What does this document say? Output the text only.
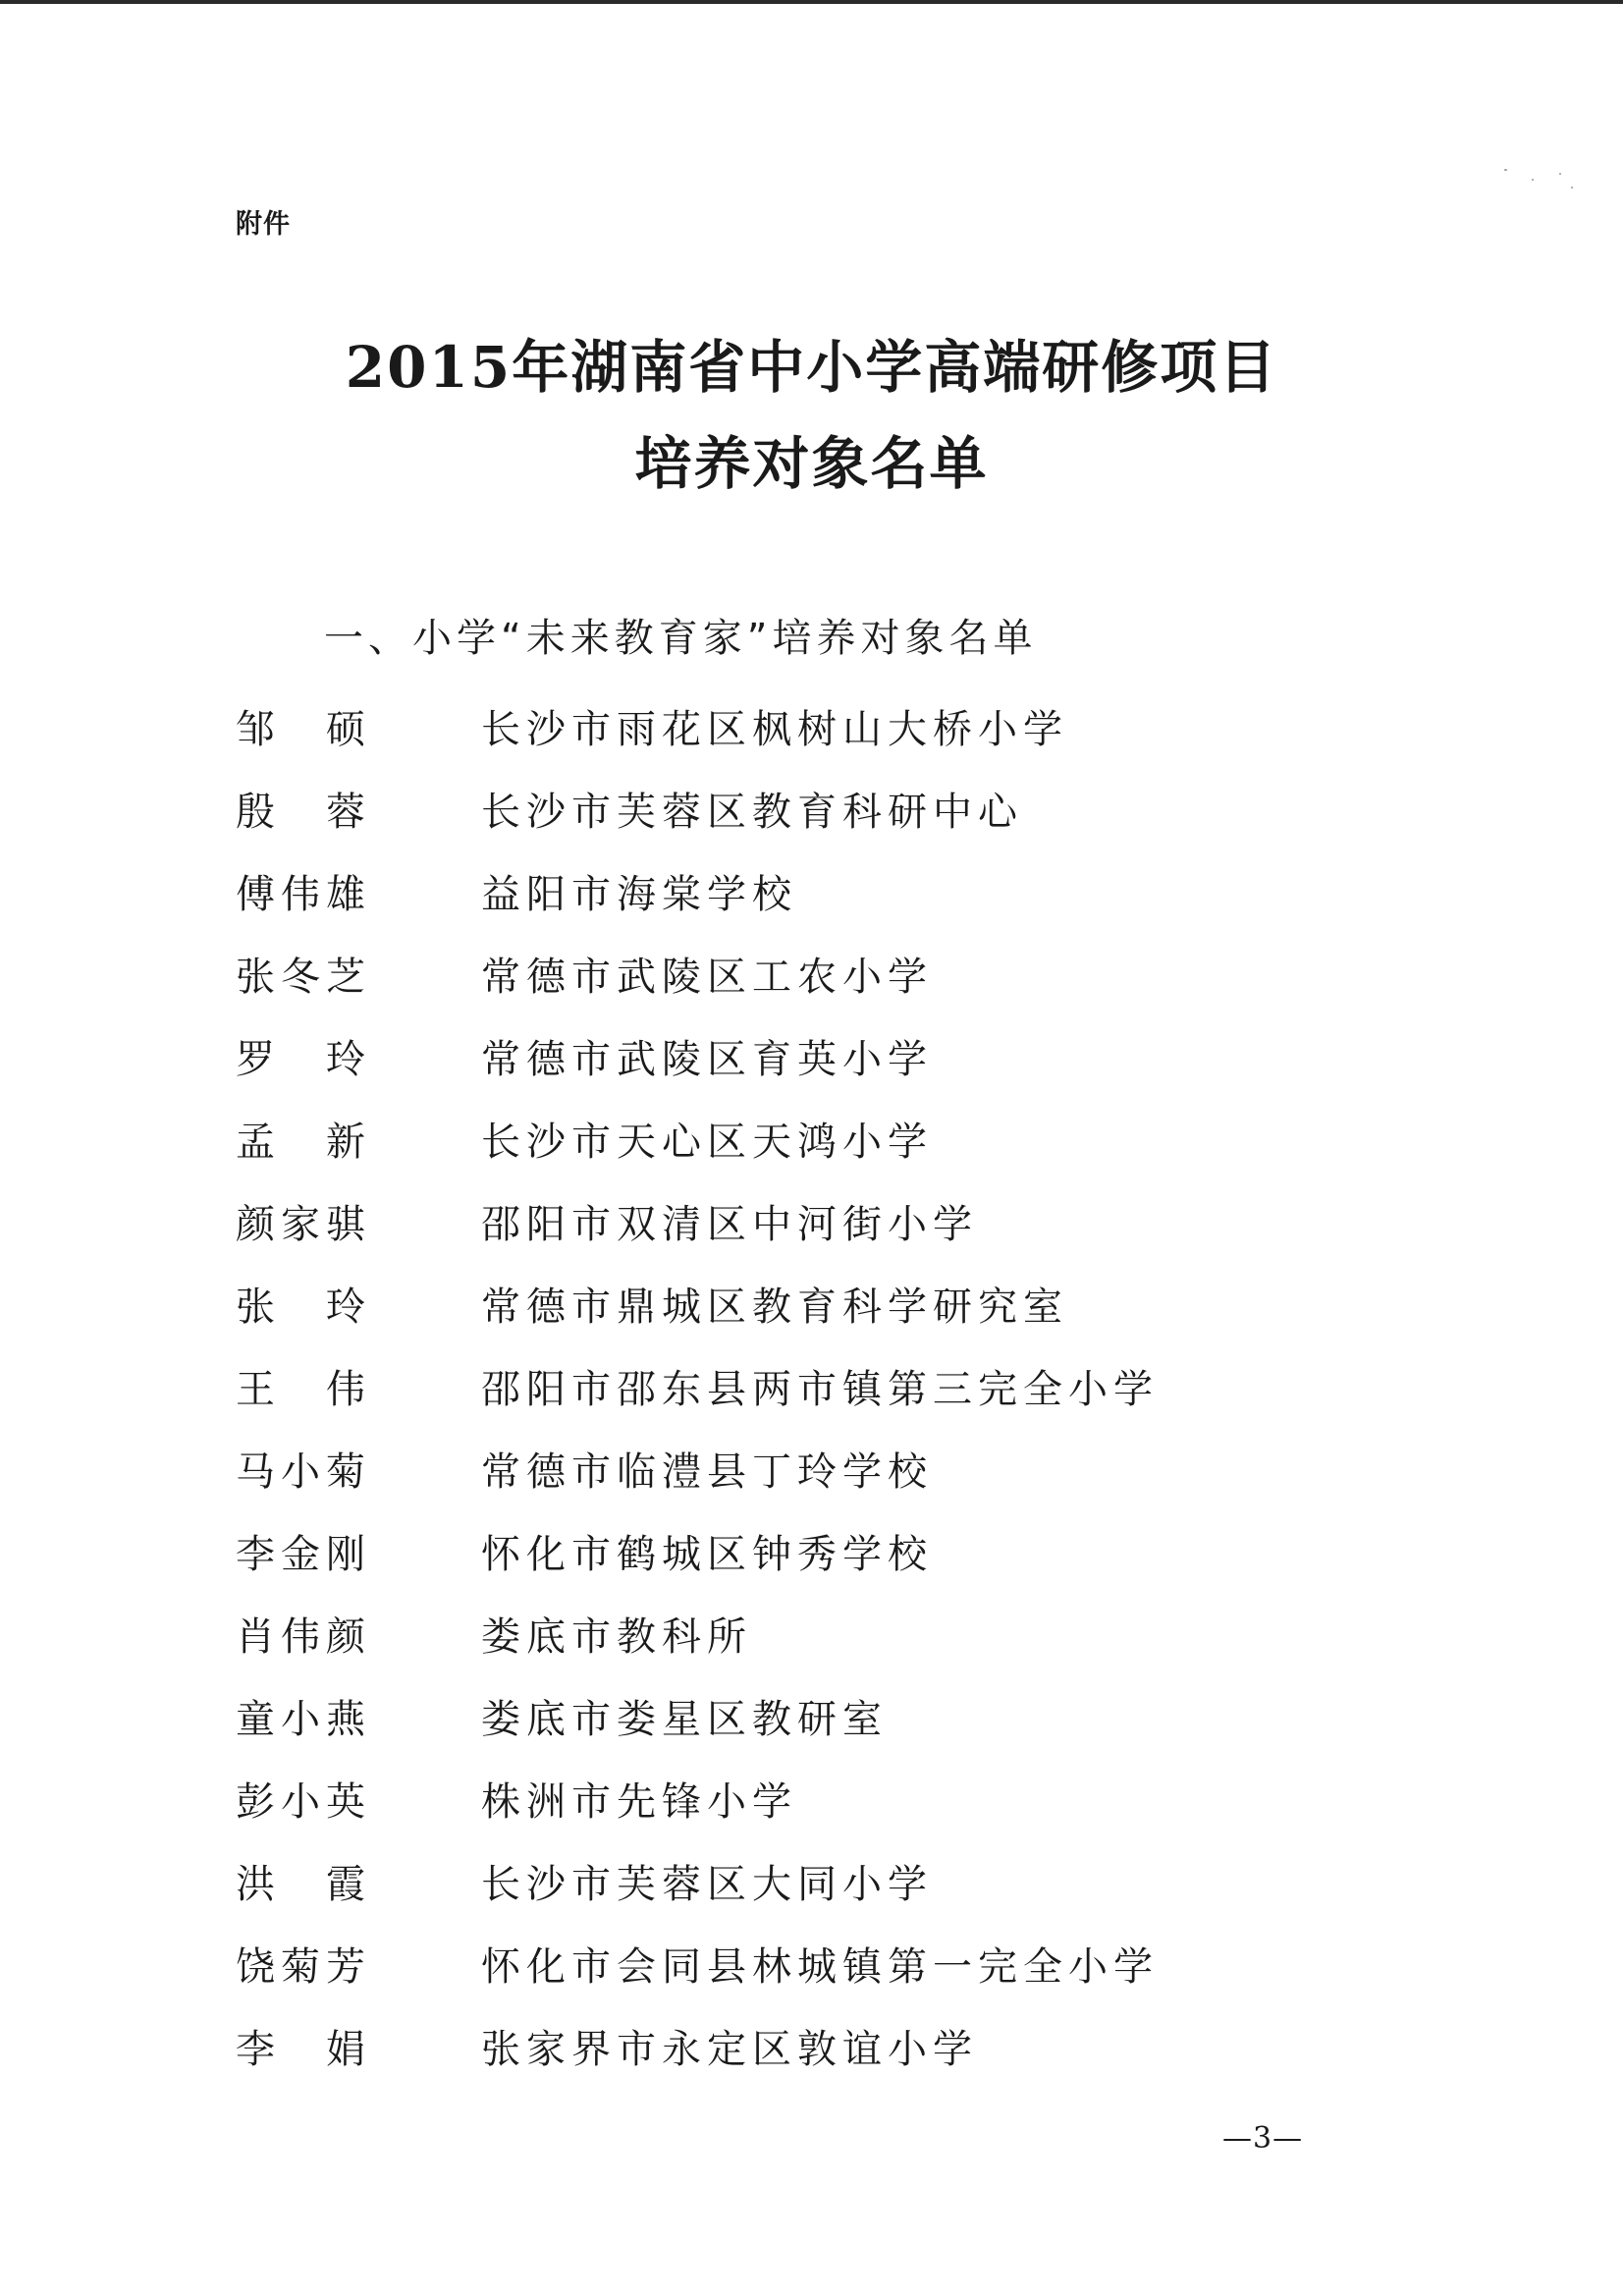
附件
2015年湖南省中小学高端研修项目
培养对象名单
一、小学“未来教育家”培养对象名单
邹 硕	长沙市雨花区枫树山大桥小学
殷 蓉	长沙市芙蓉区教育科研中心
傅伟雄	益阳市海棠学校
张冬芝	常德市武陵区工农小学
罗 玲	常德市武陵区育英小学
孟 新	长沙市天心区天鸿小学
颜家骐	邵阳市双清区中河街小学
张 玲	常德市鼎城区教育科学研究室
王 伟	邵阳市邵东县两市镇第三完全小学
马小菊	常德市临澧县丁玲学校
李金刚	怀化市鹤城区钟秀学校
肖伟颜	娄底市教科所
童小燕	娄底市娄星区教研室
彭小英	株洲市先锋小学
洪 霞	长沙市芙蓉区大同小学
饶菊芳	怀化市会同县林城镇第一完全小学
李 娟	张家界市永定区敦谊小学
—3—
